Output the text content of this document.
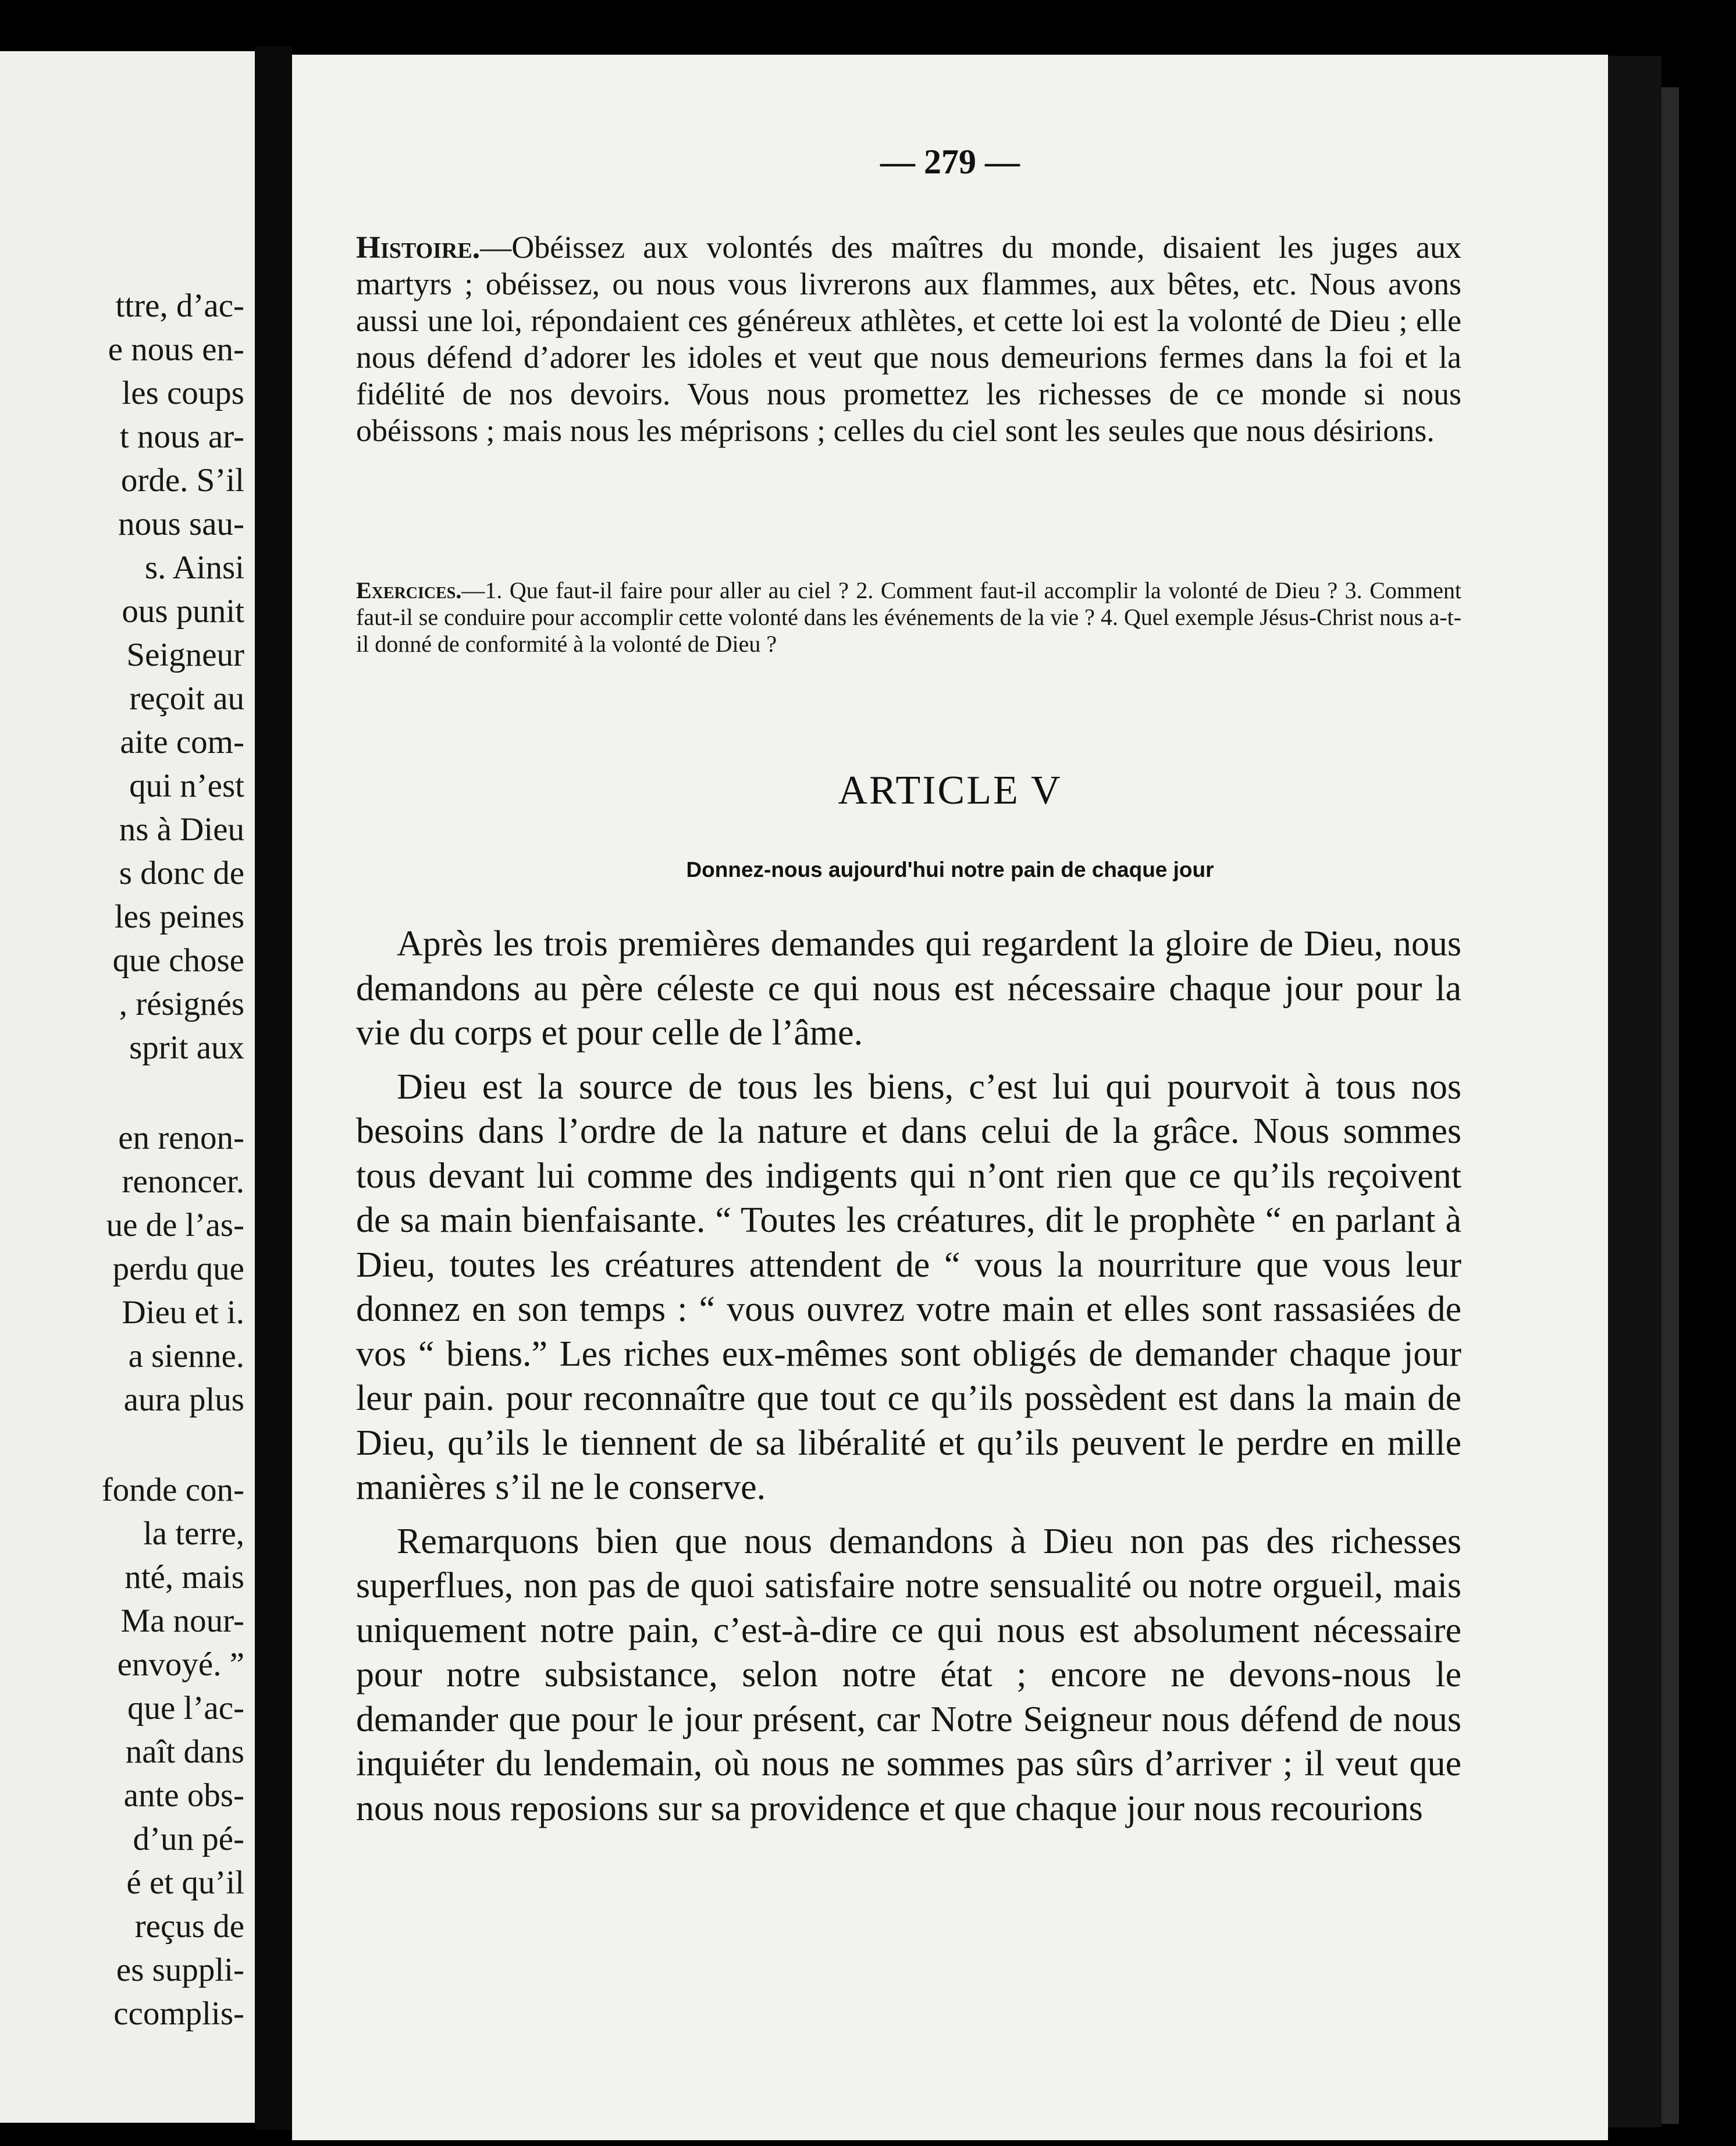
ttre, d’ac-
e nous en-
les coups
t nous ar-
orde. S’il
nous sau-
s. Ainsi
ous punit
Seigneur
reçoit au
aite com-
qui n’est
ns à Dieu
s donc de
les peines
que chose
, résignés
sprit aux
en renon-
renoncer.
ue de l’as-
perdu que
Dieu et i.
a sienne.
aura plus
fonde con-
la terre,
nté, mais
Ma nour-
envoyé. ”
que l’ac-
naît dans
ante obs-
d’un pé-
é et qu’il
reçus de
es suppli-
ccomplis-
— 279 —
Histoire.—Obéissez aux volontés des maîtres du monde, disaient les juges aux martyrs ; obéissez, ou nous vous livrerons aux flammes, aux bêtes, etc. Nous avons aussi une loi, répondaient ces généreux athlètes, et cette loi est la volonté de Dieu ; elle nous défend d’adorer les idoles et veut que nous demeurions fermes dans la foi et la fidélité de nos devoirs. Vous nous promettez les richesses de ce monde si nous obéissons ; mais nous les méprisons ; celles du ciel sont les seules que nous désirions.
Exercices.—1. Que faut-il faire pour aller au ciel ? 2. Comment faut-il accomplir la volonté de Dieu ? 3. Comment faut-il se conduire pour accomplir cette volonté dans les événements de la vie ? 4. Quel exemple Jésus-Christ nous a-t-il donné de conformité à la volonté de Dieu ?
ARTICLE V
Donnez-nous aujourd'hui notre pain de chaque jour

Après les trois premières demandes qui regardent la gloire de Dieu, nous demandons au père céleste ce qui nous est nécessaire chaque jour pour la vie du corps et pour celle de l’âme.

Dieu est la source de tous les biens, c’est lui qui pourvoit à tous nos besoins dans l’ordre de la nature et dans celui de la grâce. Nous sommes tous devant lui comme des indigents qui n’ont rien que ce qu’ils reçoivent de sa main bienfaisante. “ Toutes les créatures, dit le prophète “ en parlant à Dieu, toutes les créatures attendent de “ vous la nourriture que vous leur donnez en son temps : “ vous ouvrez votre main et elles sont rassasiées de vos “ biens.” Les riches eux-mêmes sont obligés de demander chaque jour leur pain. pour reconnaître que tout ce qu’ils possèdent est dans la main de Dieu, qu’ils le tiennent de sa libéralité et qu’ils peuvent le perdre en mille manières s’il ne le conserve.

Remarquons bien que nous demandons à Dieu non pas des richesses superflues, non pas de quoi satisfaire notre sensualité ou notre orgueil, mais uniquement notre pain, c’est-à-dire ce qui nous est absolument nécessaire pour notre subsistance, selon notre état ; encore ne devons-nous le demander que pour le jour présent, car Notre Seigneur nous défend de nous inquiéter du lendemain, où nous ne sommes pas sûrs d’arriver ; il veut que nous nous reposions sur sa providence et que chaque jour nous recourions
